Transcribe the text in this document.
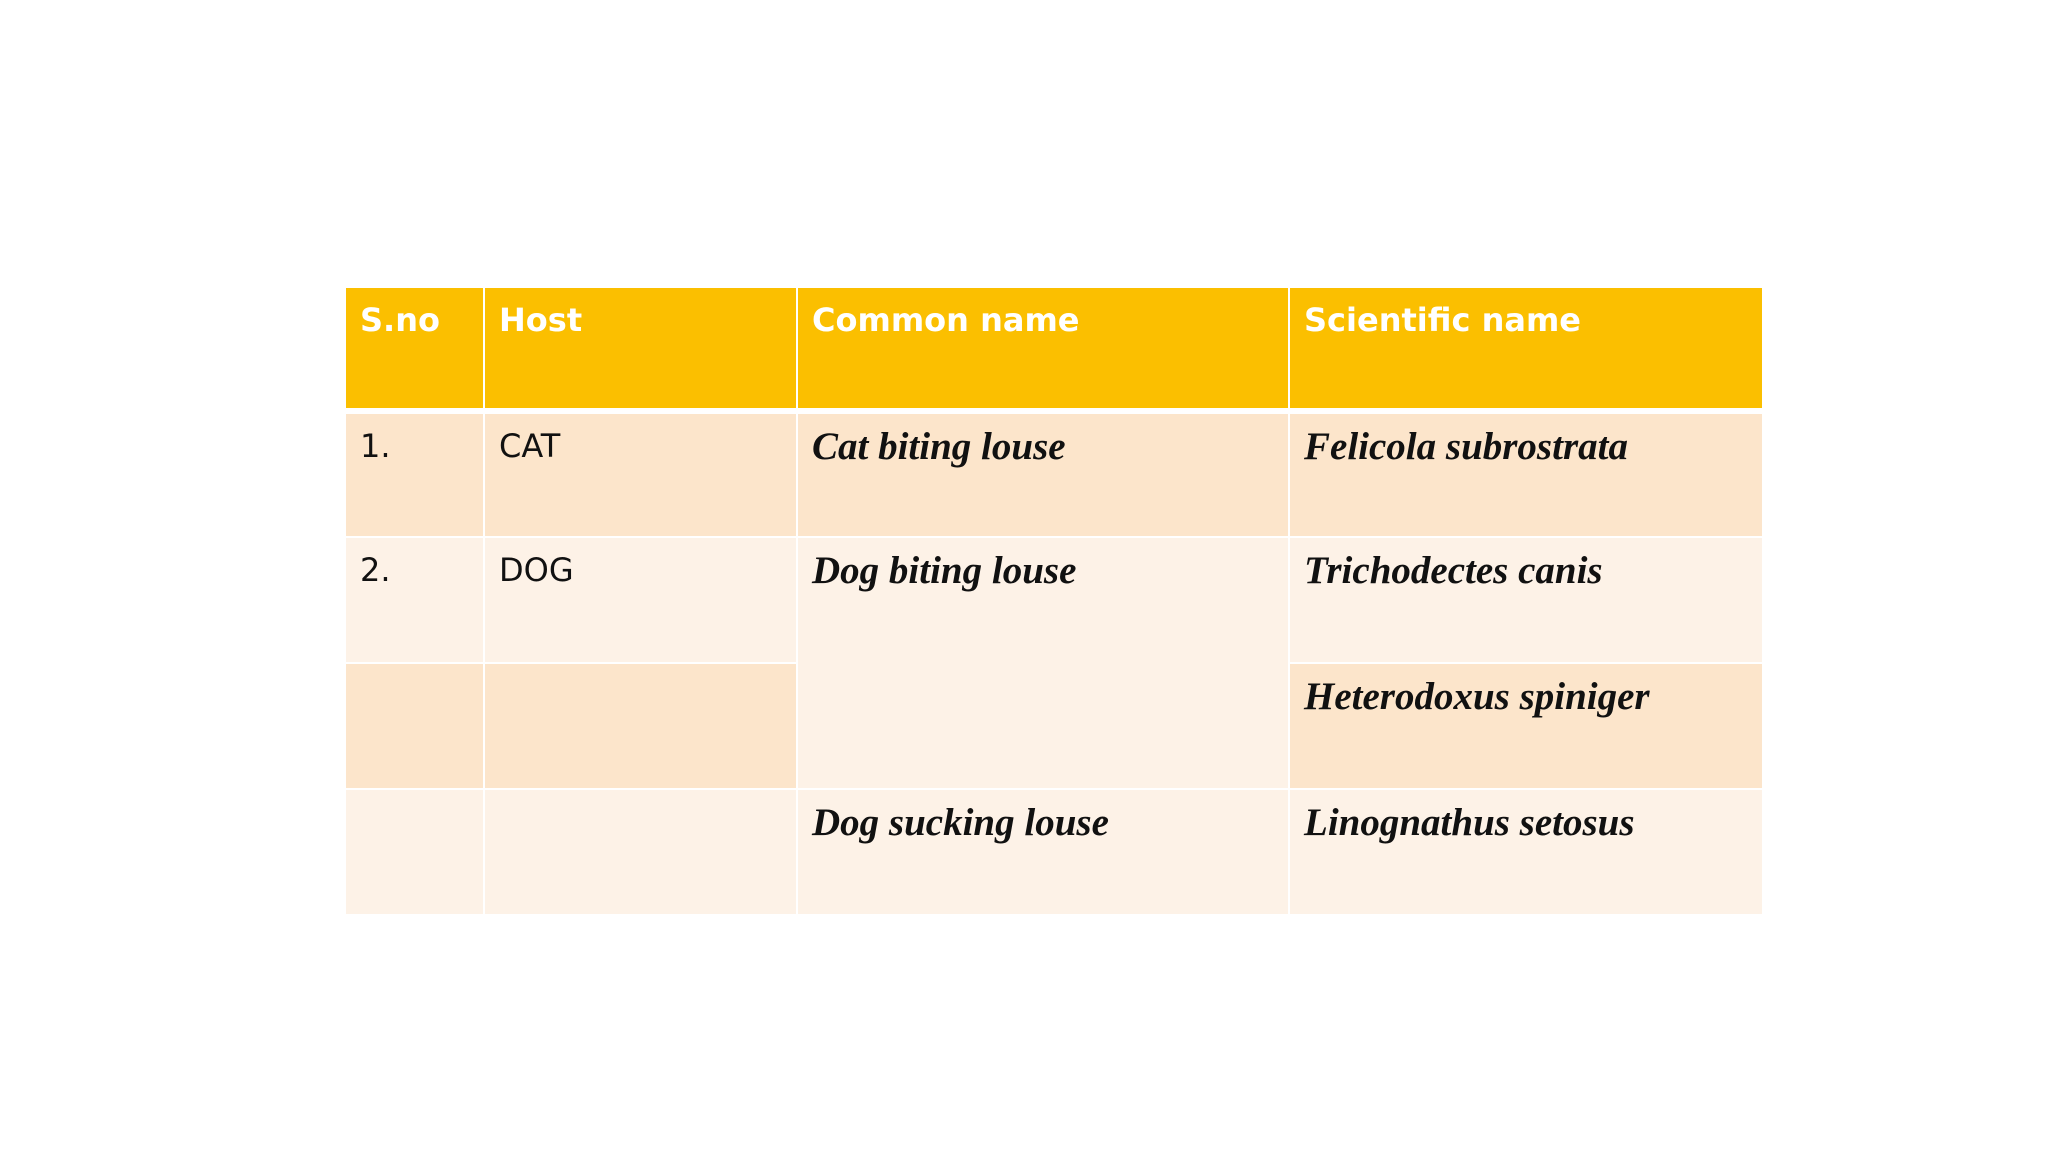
S.no	Host	Common name	Scientific name
1.	CAT	Cat biting louse	Felicola subrostrata
2.	DOG	Dog biting louse	Trichodectes canis
			Heterodoxus spiniger
		Dog sucking louse	Linognathus setosus
